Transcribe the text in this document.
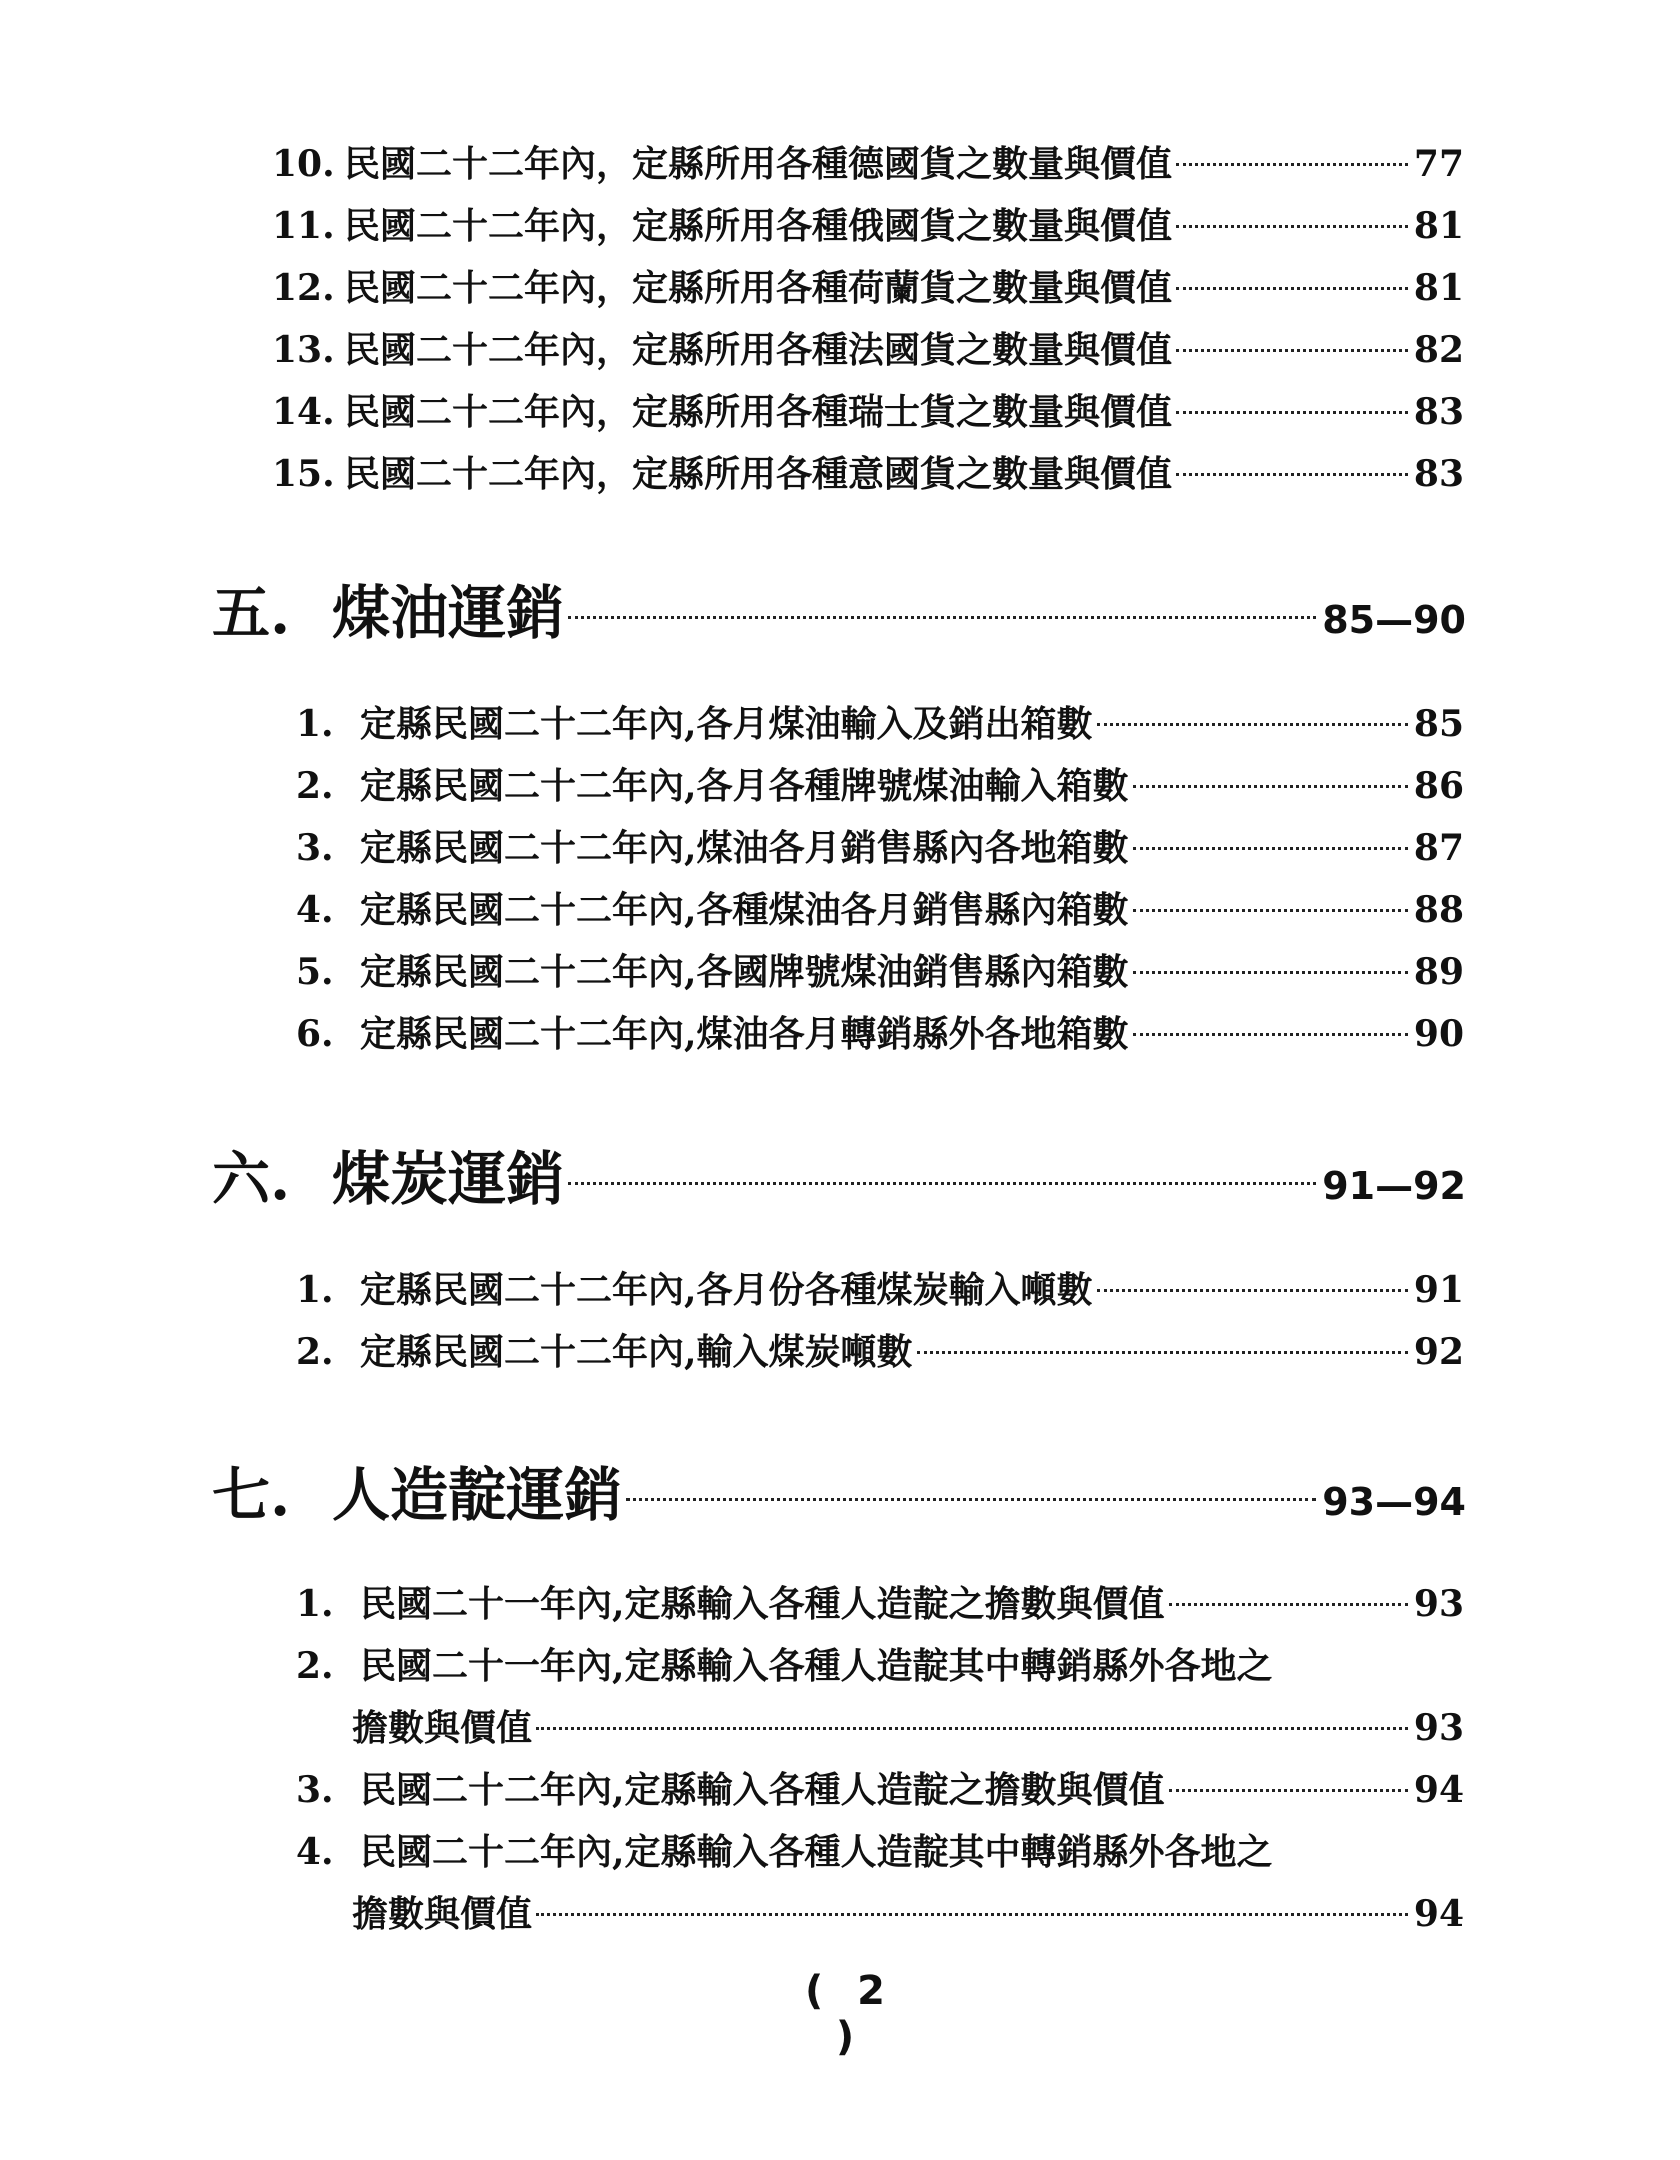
10. 民國二十二年內，定縣所用各種德國貨之數量與價值	77
11. 民國二十二年內，定縣所用各種俄國貨之數量與價值	81
12. 民國二十二年內，定縣所用各種荷蘭貨之數量與價值	81
13. 民國二十二年內，定縣所用各種法國貨之數量與價值	82
14. 民國二十二年內，定縣所用各種瑞士貨之數量與價值	83
15. 民國二十二年內，定縣所用各種意國貨之數量與價值	83
五. 煤油運銷	85—90
1. 定縣民國二十二年內,各月煤油輸入及銷出箱數	85
2. 定縣民國二十二年內,各月各種牌號煤油輸入箱數	86
3. 定縣民國二十二年內,煤油各月銷售縣內各地箱數	87
4. 定縣民國二十二年內,各種煤油各月銷售縣內箱數	88
5. 定縣民國二十二年內,各國牌號煤油銷售縣內箱數	89
6. 定縣民國二十二年內,煤油各月轉銷縣外各地箱數	90
六. 煤炭運銷	91—92
1. 定縣民國二十二年內,各月份各種煤炭輸入噸數	91
2. 定縣民國二十二年內,輸入煤炭噸數	92
七. 人造靛運銷	93—94
1. 民國二十一年內,定縣輸入各種人造靛之擔數與價值	93
2. 民國二十一年內,定縣輸入各種人造靛其中轉銷縣外各地之
擔數與價值	93
3. 民國二十二年內,定縣輸入各種人造靛之擔數與價值	94
4. 民國二十二年內,定縣輸入各種人造靛其中轉銷縣外各地之
擔數與價值	94
( 2 )
